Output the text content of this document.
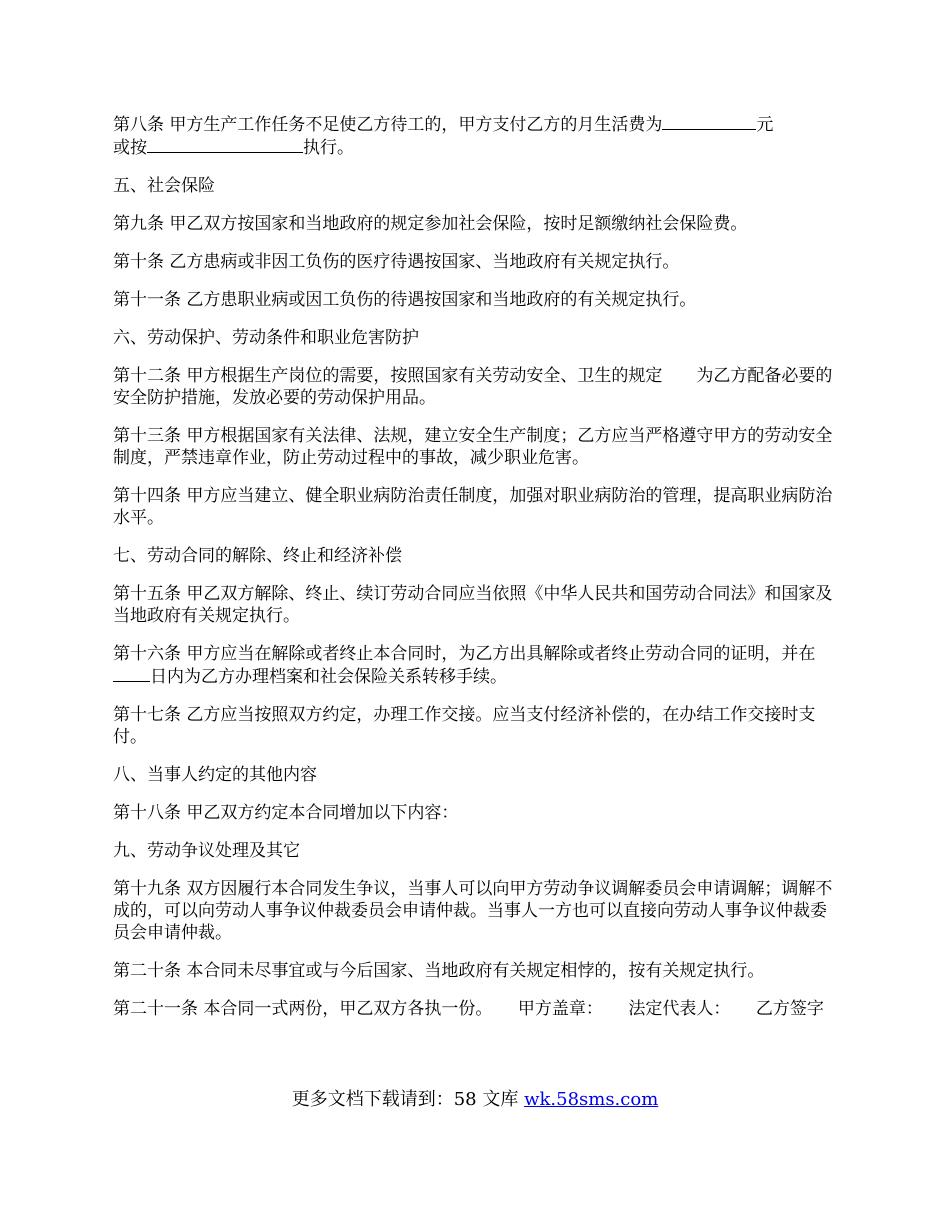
第八条 甲方生产工作任务不足使乙方待工的，甲方支付乙方的月生活费为	元
或按	执行。

五、社会保险

第九条 甲乙双方按国家和当地政府的规定参加社会保险，按时足额缴纳社会保险费。

第十条 乙方患病或非因工负伤的医疗待遇按国家、当地政府有关规定执行。

第十一条 乙方患职业病或因工负伤的待遇按国家和当地政府的有关规定执行。

六、劳动保护、劳动条件和职业危害防护

第十二条 甲方根据生产岗位的需要，按照国家有关劳动安全、卫生的规定　　为乙方配备必要的安全防护措施，发放必要的劳动保护用品。

第十三条 甲方根据国家有关法律、法规，建立安全生产制度；乙方应当严格遵守甲方的劳动安全制度，严禁违章作业，防止劳动过程中的事故，减少职业危害。

第十四条 甲方应当建立、健全职业病防治责任制度，加强对职业病防治的管理，提高职业病防治水平。

七、劳动合同的解除、终止和经济补偿

第十五条 甲乙双方解除、终止、续订劳动合同应当依照《中华人民共和国劳动合同法》和国家及当地政府有关规定执行。

第十六条 甲方应当在解除或者终止本合同时，为乙方出具解除或者终止劳动合同的证明，并在日内为乙方办理档案和社会保险关系转移手续。

第十七条 乙方应当按照双方约定，办理工作交接。应当支付经济补偿的，在办结工作交接时支付。

八、当事人约定的其他内容

第十八条 甲乙双方约定本合同增加以下内容：

九、劳动争议处理及其它

第十九条 双方因履行本合同发生争议，当事人可以向甲方劳动争议调解委员会申请调解；调解不成的，可以向劳动人事争议仲裁委员会申请仲裁。当事人一方也可以直接向劳动人事争议仲裁委员会申请仲裁。

第二十条 本合同未尽事宜或与今后国家、当地政府有关规定相悖的，按有关规定执行。

第二十一条 本合同一式两份，甲乙双方各执一份。　　甲方盖章：　　法定代表人：　　乙方签字

更多文档下载请到：58 文库 wk.58sms.com
